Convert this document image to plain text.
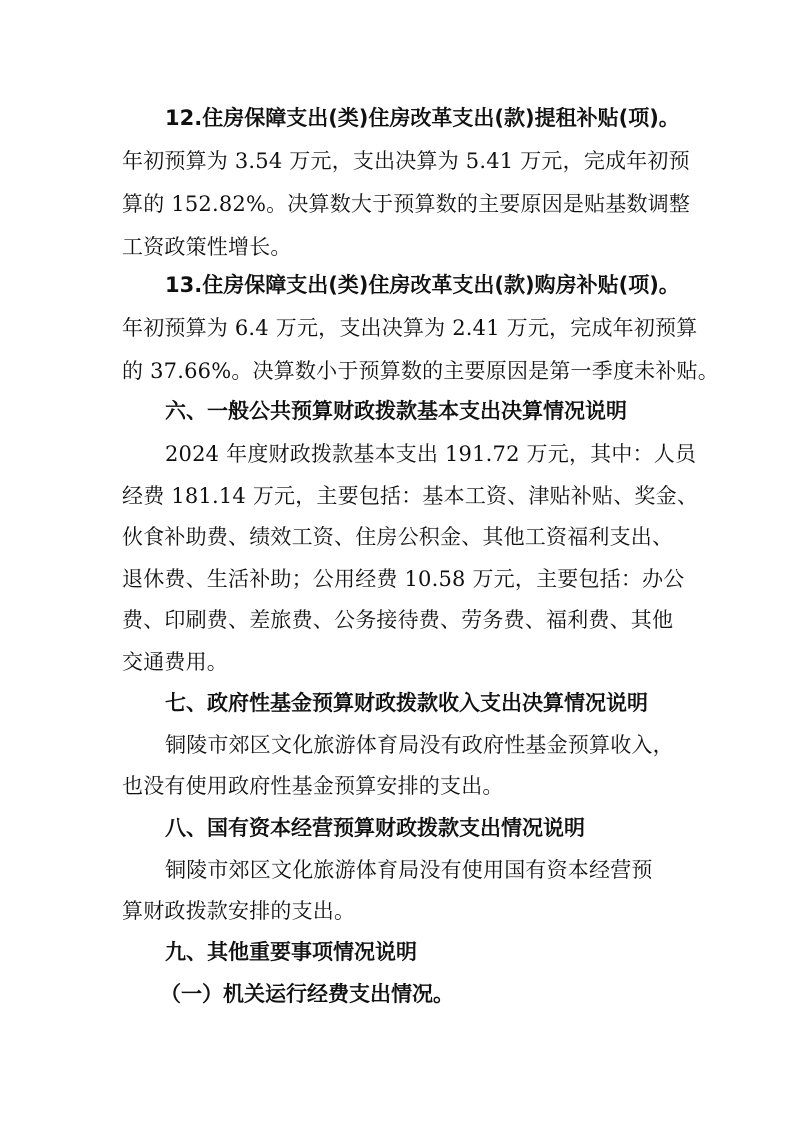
12.住房保障支出(类)住房改革支出(款)提租补贴(项)。
年初预算为 3.54 万元，支出决算为 5.41 万元，完成年初预
算的 152.82%。决算数大于预算数的主要原因是贴基数调整
工资政策性增长。
13.住房保障支出(类)住房改革支出(款)购房补贴(项)。
年初预算为 6.4 万元，支出决算为 2.41 万元，完成年初预算
的 37.66%。决算数小于预算数的主要原因是第一季度未补贴。
六、一般公共预算财政拨款基本支出决算情况说明
2024 年度财政拨款基本支出 191.72 万元，其中：人员
经费 181.14 万元，主要包括：基本工资、津贴补贴、奖金、
伙食补助费、绩效工资、住房公积金、其他工资福利支出、
退休费、生活补助；公用经费 10.58 万元，主要包括：办公
费、印刷费、差旅费、公务接待费、劳务费、福利费、其他
交通费用。
七、政府性基金预算财政拨款收入支出决算情况说明
铜陵市郊区文化旅游体育局没有政府性基金预算收入，
也没有使用政府性基金预算安排的支出。
八、国有资本经营预算财政拨款支出情况说明
铜陵市郊区文化旅游体育局没有使用国有资本经营预
算财政拨款安排的支出。
九、其他重要事项情况说明
（一）机关运行经费支出情况。
